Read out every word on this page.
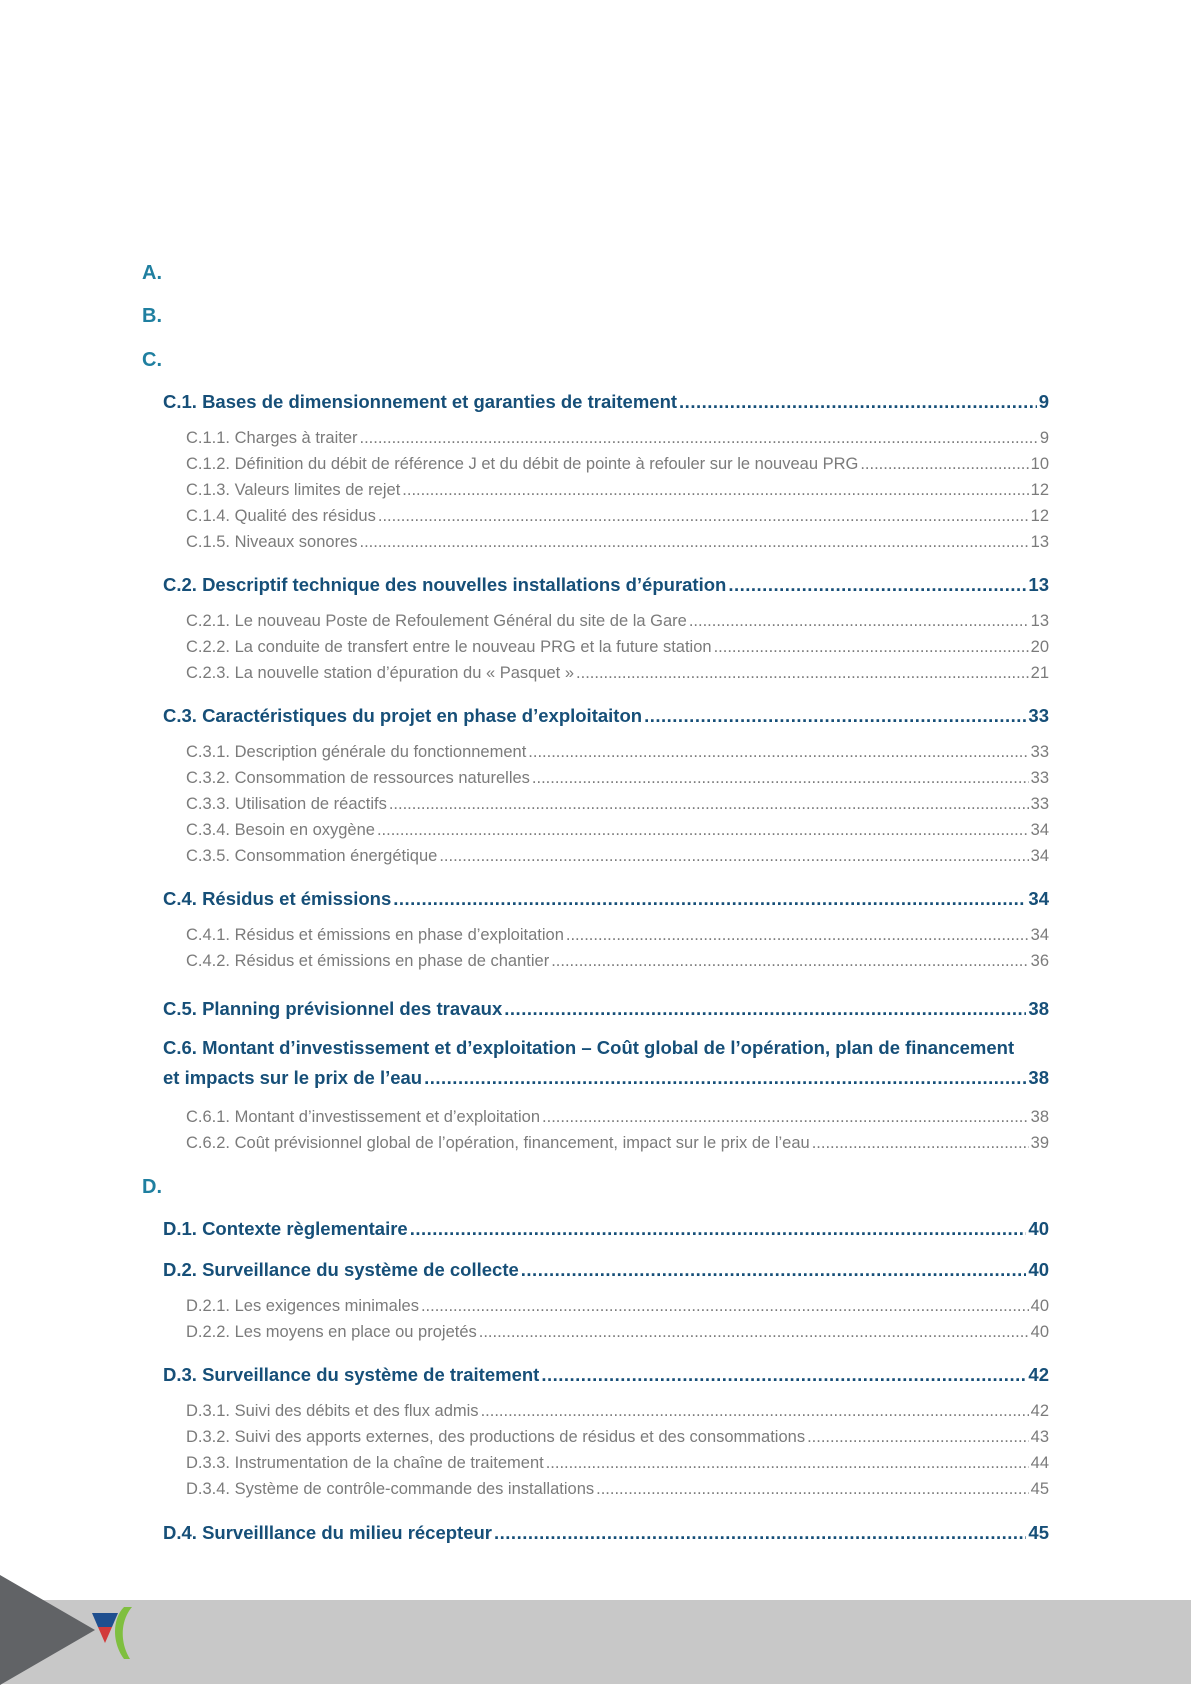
A.
B.
C.
C.1. Bases de dimensionnement et garanties de traitement .....	9
C.1.1. Charges à traiter .....	9
C.1.2. Définition du débit de référence J et du débit de pointe à refouler sur le nouveau PRG .....	10
C.1.3. Valeurs limites de rejet .....	12
C.1.4. Qualité des résidus .....	12
C.1.5. Niveaux sonores .....	13
C.2. Descriptif technique des nouvelles installations d’épuration .....	13
C.2.1. Le nouveau Poste de Refoulement Général du site de la Gare .....	13
C.2.2. La conduite de transfert entre le nouveau PRG et la future station .....	20
C.2.3. La nouvelle station d’épuration du « Pasquet » .....	21
C.3. Caractéristiques du projet en phase d’exploitaiton .....	33
C.3.1. Description générale du fonctionnement .....	33
C.3.2. Consommation de ressources naturelles .....	33
C.3.3. Utilisation de réactifs .....	33
C.3.4. Besoin en oxygène .....	34
C.3.5. Consommation énergétique .....	34
C.4. Résidus et émissions .....	34
C.4.1. Résidus et émissions en phase d’exploitation .....	34
C.4.2. Résidus et émissions en phase de chantier .....	36
C.5. Planning prévisionnel des travaux .....	38
C.6. Montant d’investissement et d’exploitation – Coût global de l’opération, plan de financement
et impacts sur le prix de l’eau .....	38
C.6.1. Montant d’investissement et d’exploitation .....	38
C.6.2. Coût prévisionnel global de l’opération, financement, impact sur le prix de l’eau .....	39
D.
D.1. Contexte règlementaire .....	40
D.2. Surveillance du système de collecte .....	40
D.2.1. Les exigences minimales .....	40
D.2.2. Les moyens en place ou projetés .....	40
D.3. Surveillance du système de traitement .....	42
D.3.1. Suivi des débits et des flux admis .....	42
D.3.2. Suivi des apports externes, des productions de résidus et des consommations .....	43
D.3.3. Instrumentation de la chaîne de traitement .....	44
D.3.4. Système de contrôle-commande des installations .....	45
D.4. Surveilllance du milieu récepteur .....	45
